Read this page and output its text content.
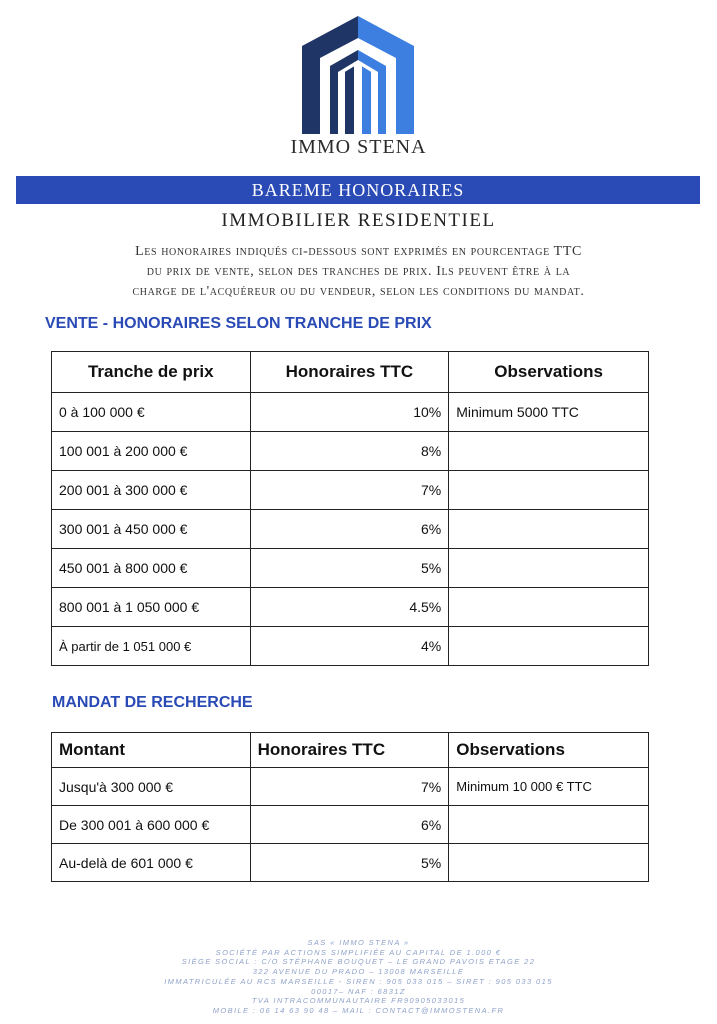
IMMO STENA
BAREME HONORAIRES
IMMOBILIER RESIDENTIEL
Les honoraires indiqués ci-dessous sont exprimés en pourcentage TTC
du prix de vente, selon des tranches de prix. Ils peuvent être à la
charge de l'acquéreur ou du vendeur, selon les conditions du mandat.
VENTE - HONORAIRES SELON TRANCHE DE PRIX
Tranche de prix	Honoraires TTC	Observations
0 à 100 000 €	10%	Minimum 5000 TTC
100 001 à 200 000 €	8%	
200 001 à 300 000 €	7%	
300 001 à 450 000 €	6%	
450 001 à 800 000 €	5%	
800 001 à 1 050 000 €	4.5%	
À partir de 1 051 000 €	4%	
MANDAT DE RECHERCHE
Montant	Honoraires TTC	Observations
Jusqu'à 300 000 €	7%	Minimum 10 000 € TTC
De 300 001 à 600 000 €	6%	
Au-delà de 601 000 €	5%	
SAS « IMMO STENA »
SOCIÉTÉ PAR ACTIONS SIMPLIFIÉE AU CAPITAL DE 1.000 €
SIÈGE SOCIAL : C/O STÉPHANE BOUQUET – LE GRAND PAVOIS ETAGE 22
322 AVENUE DU PRADO – 13008 MARSEILLE
IMMATRICULÉE AU RCS MARSEILLE - SIREN : 905 033 015 – SIRET : 905 033 015
00017– NAF : 6831Z
TVA INTRACOMMUNAUTAIRE FR90905033015
MOBILE : 06 14 63 90 48 – MAIL : CONTACT@IMMOSTENA.FR
